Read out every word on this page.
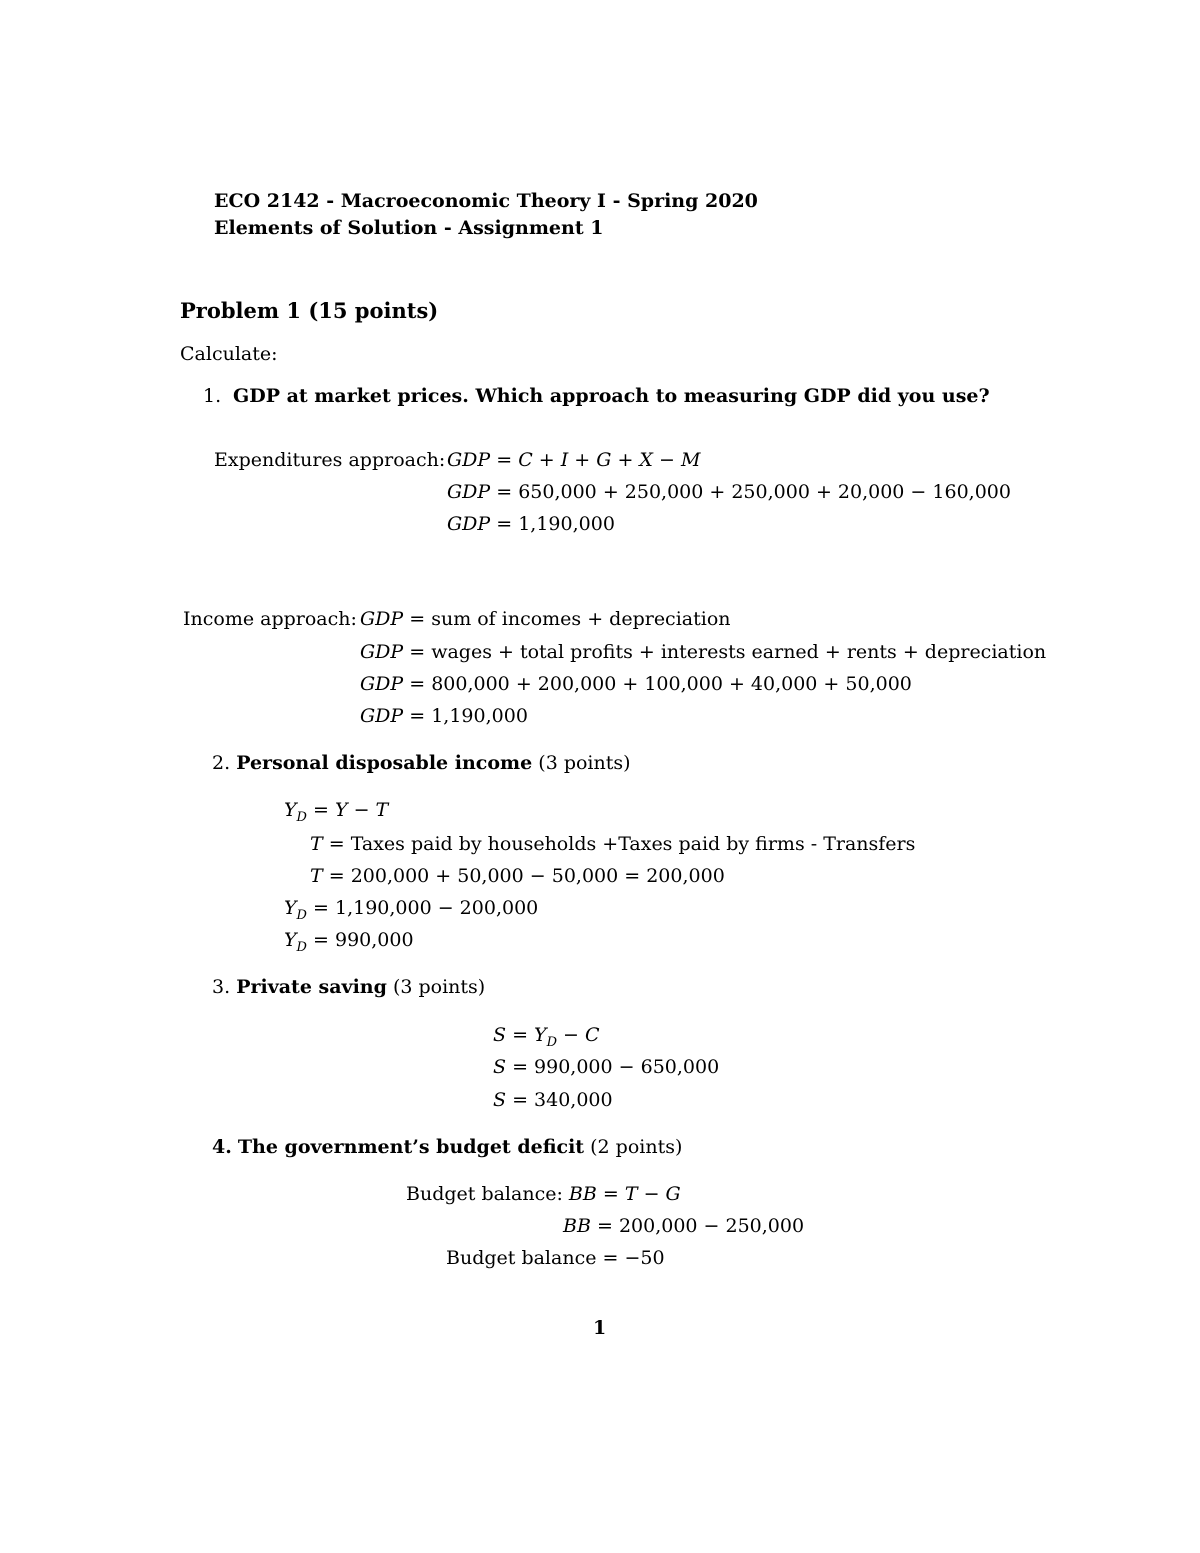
ECO 2142 - Macroeconomic Theory I - Spring 2020
Elements of Solution - Assignment 1
Problem 1 (15 points)
Calculate:
1. GDP at market prices. Which approach to measuring GDP did you use?
Expenditures approach: GDP = C + I + G + X − M
GDP = 650,000 + 250,000 + 250,000 + 20,000 − 160,000
GDP = 1,190,000
Income approach: GDP = sum of incomes + depreciation
GDP = wages + total profits + interests earned + rents + depreciation
GDP = 800,000 + 200,000 + 100,000 + 40,000 + 50,000
GDP = 1,190,000
2. Personal disposable income (3 points)
$Y_D = Y - T$
T = Taxes paid by households +Taxes paid by firms - Transfers
T = 200,000 + 50,000 − 50,000 = 200,000
$Y_D = 1,190,000 - 200,000$
$Y_D = 990,000$
3. Private saving (3 points)
$S = Y_D - C$
S = 990,000 − 650,000
S = 340,000
4. The government’s budget deficit (2 points)
Budget balance: BB = T − G
BB = 200,000 − 250,000
Budget balance = −50
1
